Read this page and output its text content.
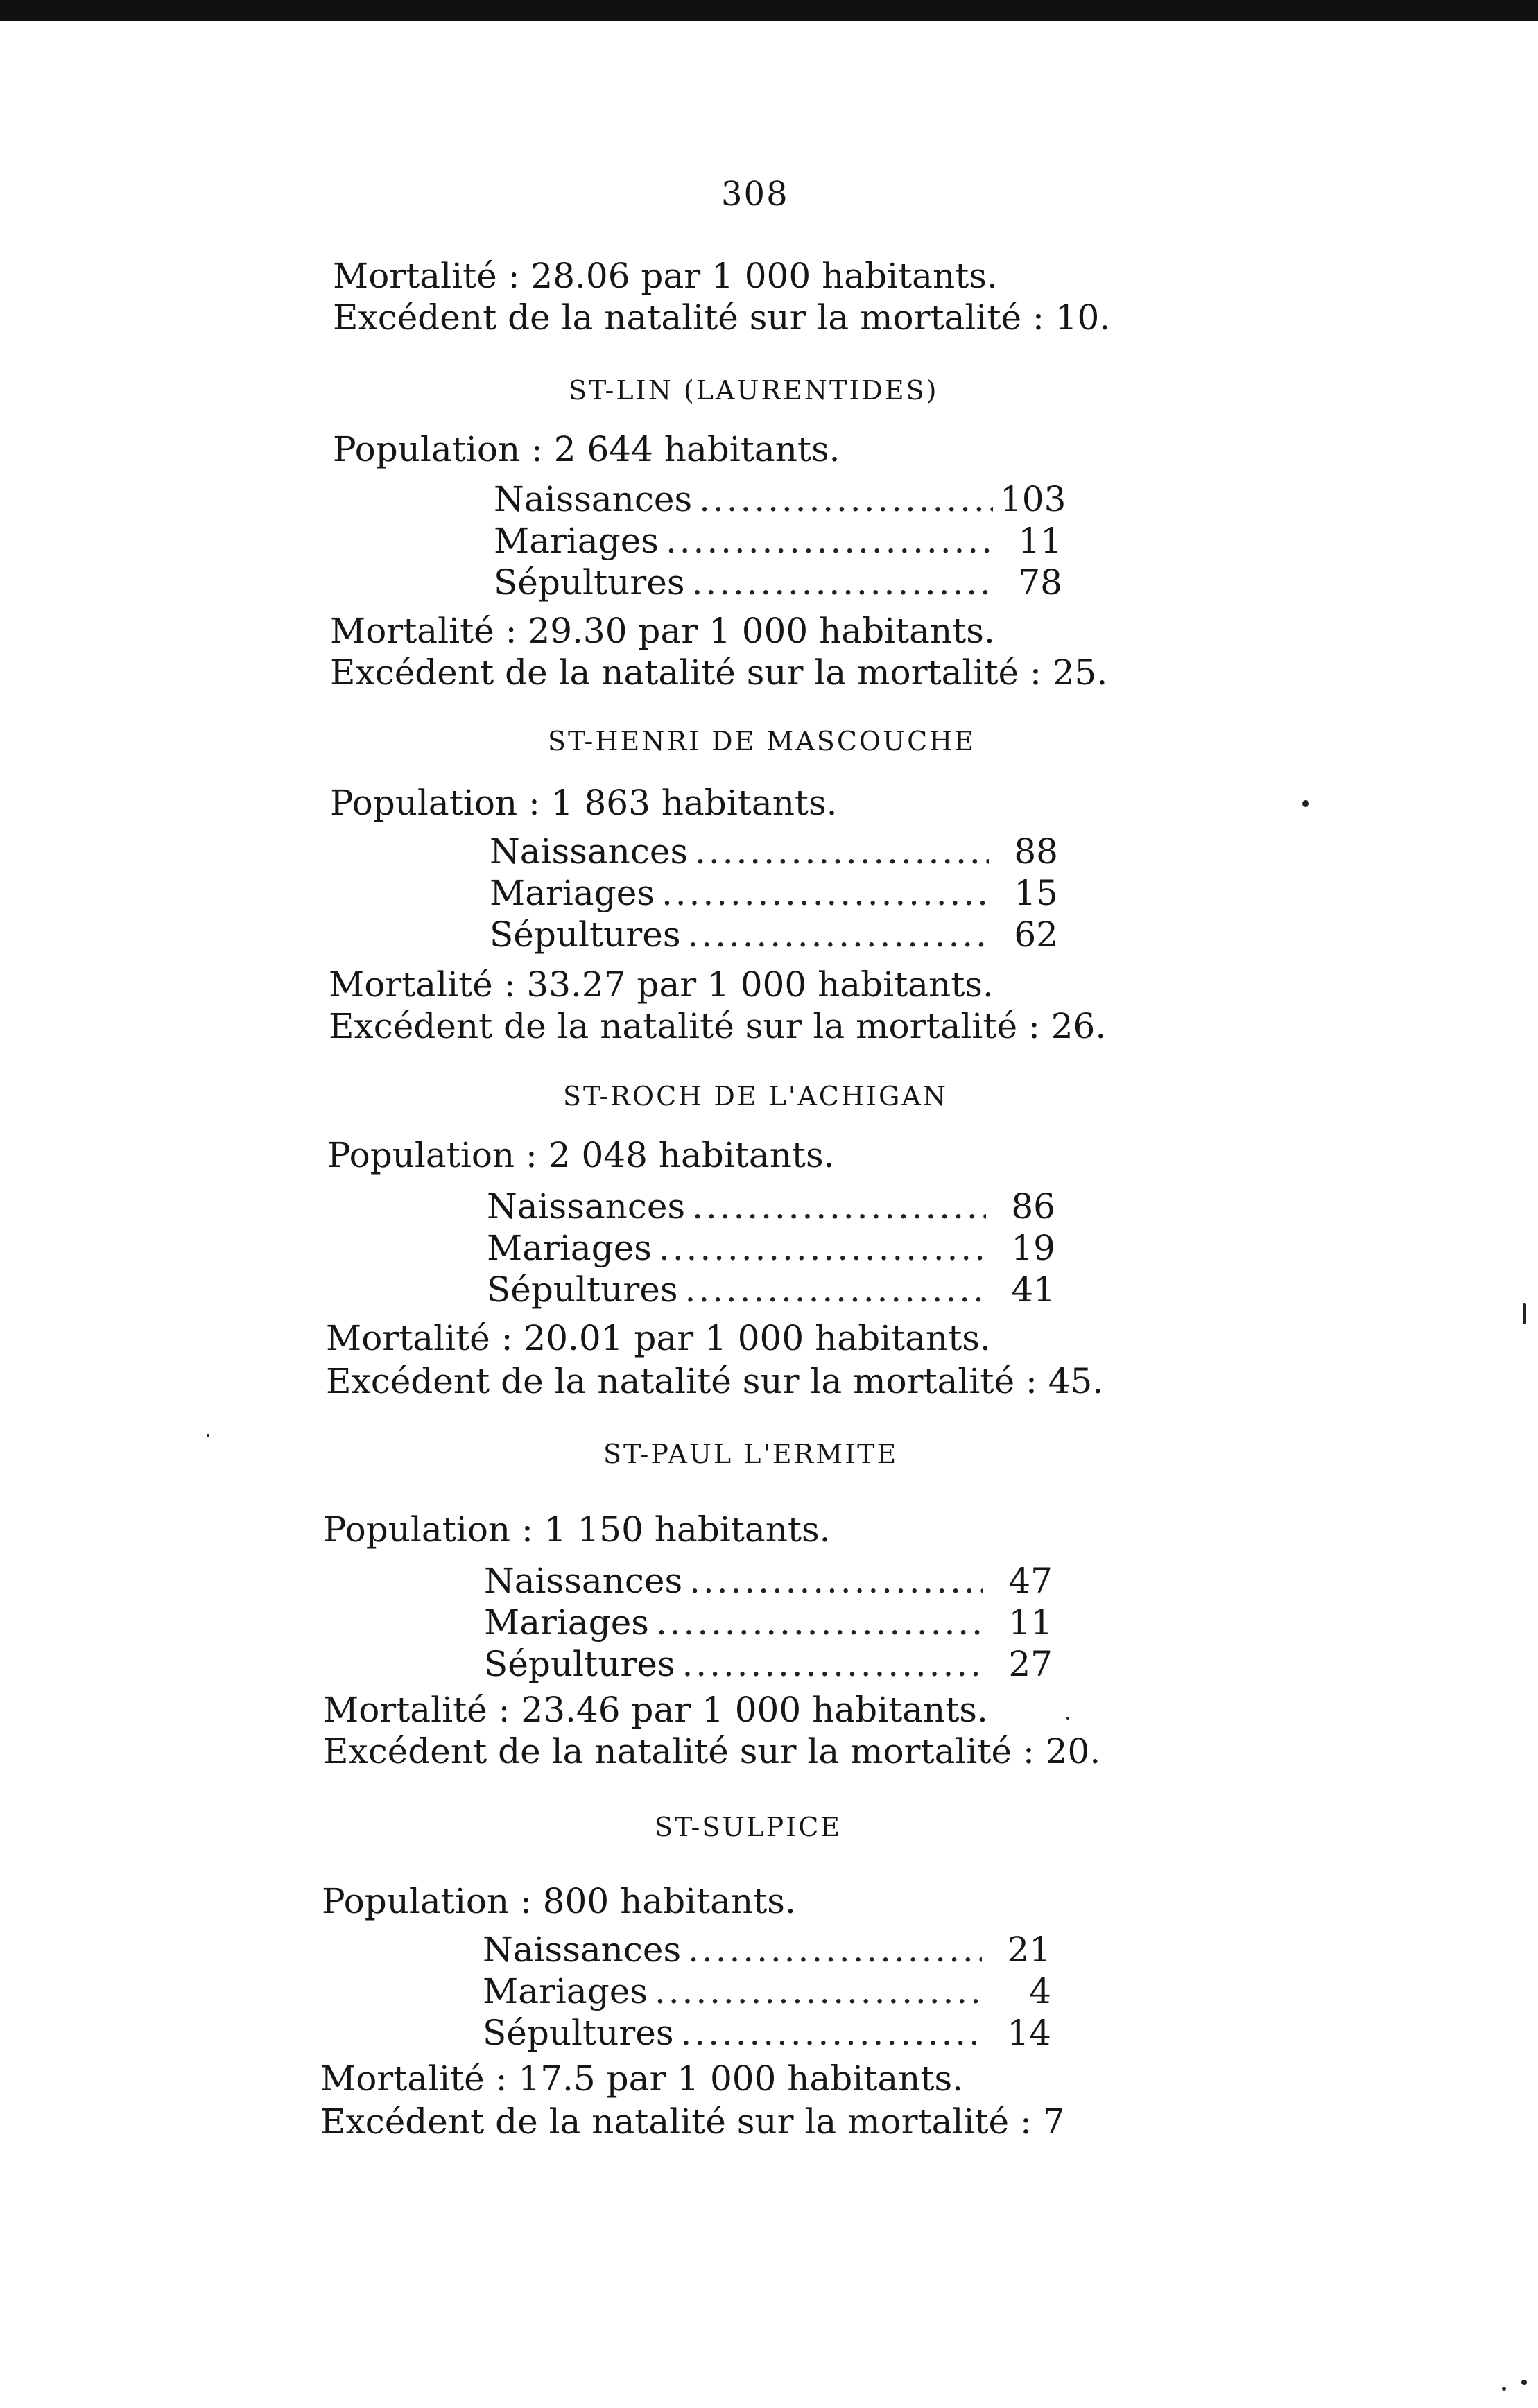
308
Mortalité : 28.06 par 1 000 habitants.
Excédent de la natalité sur la mortalité : 10.
ST-LIN (LAURENTIDES)
Population : 2 644 habitants.
Naissances . . .	103
Mariages . . .	11
Sépultures . . .	78
Mortalité : 29.30 par 1 000 habitants.
Excédent de la natalité sur la mortalité : 25.
ST-HENRI DE MASCOUCHE
Population : 1 863 habitants.
Naissances . . .	88
Mariages . . .	15
Sépultures . . .	62
Mortalité : 33.27 par 1 000 habitants.
Excédent de la natalité sur la mortalité : 26.
ST-ROCH DE L'ACHIGAN
Population : 2 048 habitants.
Naissances . . .	86
Mariages . . .	19
Sépultures . . .	41
Mortalité : 20.01 par 1 000 habitants.
Excédent de la natalité sur la mortalité : 45.
ST-PAUL L'ERMITE
Population : 1 150 habitants.
Naissances . . .	47
Mariages . . .	11
Sépultures . . .	27
Mortalité : 23.46 par 1 000 habitants.
Excédent de la natalité sur la mortalité : 20.
ST-SULPICE
Population : 800 habitants.
Naissances . . .	21
Mariages . . .	4
Sépultures . . .	14
Mortalité : 17.5 par 1 000 habitants.
Excédent de la natalité sur la mortalité : 7
